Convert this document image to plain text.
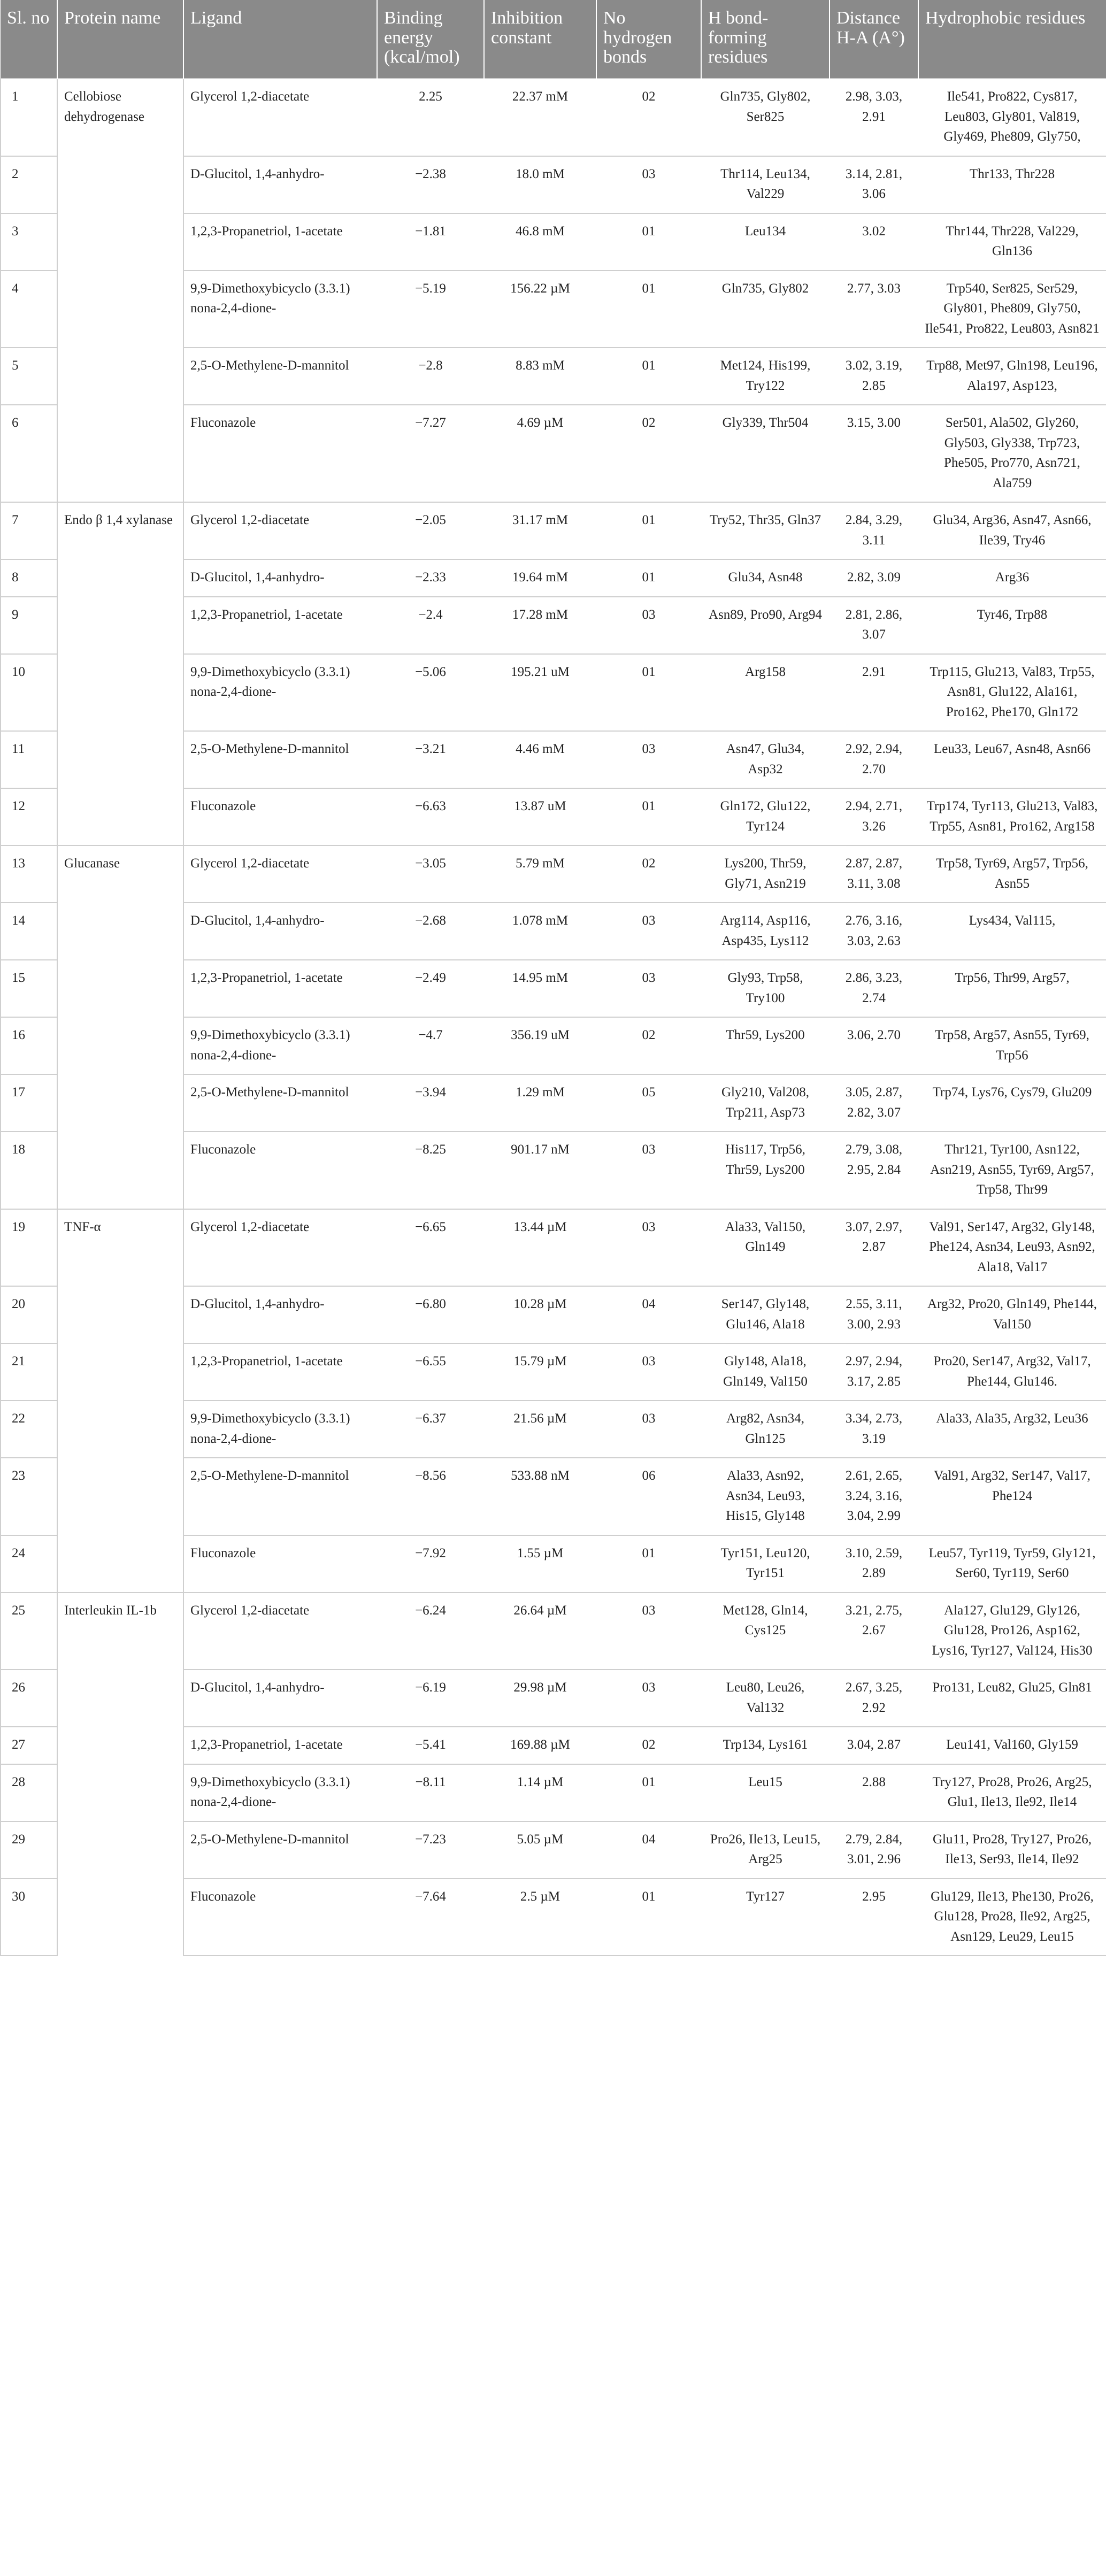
Sl. no	Protein name	Ligand	Binding energy (kcal/mol)	Inhibition constant	No hydrogen bonds	H bond-forming residues	Distance H-A (A°)	Hydrophobic residues
1	Cellobiose dehydrogenase	Glycerol 1,2-diacetate	2.25	22.37 mM	02	Gln735, Gly802, Ser825	2.98, 3.03, 2.91	Ile541, Pro822, Cys817, Leu803, Gly801, Val819, Gly469, Phe809, Gly750,
2		D-Glucitol, 1,4-anhydro-	−2.38	18.0 mM	03	Thr114, Leu134, Val229	3.14, 2.81, 3.06	Thr133, Thr228
3		1,2,3-Propanetriol, 1-acetate	−1.81	46.8 mM	01	Leu134	3.02	Thr144, Thr228, Val229, Gln136
4		9,9-Dimethoxybicyclo (3.3.1) nona-2,4-dione-	−5.19	156.22 µM	01	Gln735, Gly802	2.77, 3.03	Trp540, Ser825, Ser529, Gly801, Phe809, Gly750, Ile541, Pro822, Leu803, Asn821
5		2,5-O-Methylene-D-mannitol	−2.8	8.83 mM	01	Met124, His199, Try122	3.02, 3.19, 2.85	Trp88, Met97, Gln198, Leu196, Ala197, Asp123,
6		Fluconazole	−7.27	4.69 µM	02	Gly339, Thr504	3.15, 3.00	Ser501, Ala502, Gly260, Gly503, Gly338, Trp723, Phe505, Pro770, Asn721, Ala759
7	Endo β 1,4 xylanase	Glycerol 1,2-diacetate	−2.05	31.17 mM	01	Try52, Thr35, Gln37	2.84, 3.29, 3.11	Glu34, Arg36, Asn47, Asn66, Ile39, Try46
8		D-Glucitol, 1,4-anhydro-	−2.33	19.64 mM	01	Glu34, Asn48	2.82, 3.09	Arg36
9		1,2,3-Propanetriol, 1-acetate	−2.4	17.28 mM	03	Asn89, Pro90, Arg94	2.81, 2.86, 3.07	Tyr46, Trp88
10		9,9-Dimethoxybicyclo (3.3.1) nona-2,4-dione-	−5.06	195.21 uM	01	Arg158	2.91	Trp115, Glu213, Val83, Trp55, Asn81, Glu122, Ala161, Pro162, Phe170, Gln172
11		2,5-O-Methylene-D-mannitol	−3.21	4.46 mM	03	Asn47, Glu34, Asp32	2.92, 2.94, 2.70	Leu33, Leu67, Asn48, Asn66
12		Fluconazole	−6.63	13.87 uM	01	Gln172, Glu122, Tyr124	2.94, 2.71, 3.26	Trp174, Tyr113, Glu213, Val83, Trp55, Asn81, Pro162, Arg158
13	Glucanase	Glycerol 1,2-diacetate	−3.05	5.79 mM	02	Lys200, Thr59, Gly71, Asn219	2.87, 2.87, 3.11, 3.08	Trp58, Tyr69, Arg57, Trp56, Asn55
14		D-Glucitol, 1,4-anhydro-	−2.68	1.078 mM	03	Arg114, Asp116, Asp435, Lys112	2.76, 3.16, 3.03, 2.63	Lys434, Val115,
15		1,2,3-Propanetriol, 1-acetate	−2.49	14.95 mM	03	Gly93, Trp58, Try100	2.86, 3.23, 2.74	Trp56, Thr99, Arg57,
16		9,9-Dimethoxybicyclo (3.3.1) nona-2,4-dione-	−4.7	356.19 uM	02	Thr59, Lys200	3.06, 2.70	Trp58, Arg57, Asn55, Tyr69, Trp56
17		2,5-O-Methylene-D-mannitol	−3.94	1.29 mM	05	Gly210, Val208, Trp211, Asp73	3.05, 2.87, 2.82, 3.07	Trp74, Lys76, Cys79, Glu209
18		Fluconazole	−8.25	901.17 nM	03	His117, Trp56, Thr59, Lys200	2.79, 3.08, 2.95, 2.84	Thr121, Tyr100, Asn122, Asn219, Asn55, Tyr69, Arg57, Trp58, Thr99
19	TNF-α	Glycerol 1,2-diacetate	−6.65	13.44 µM	03	Ala33, Val150, Gln149	3.07, 2.97, 2.87	Val91, Ser147, Arg32, Gly148, Phe124, Asn34, Leu93, Asn92, Ala18, Val17
20		D-Glucitol, 1,4-anhydro-	−6.80	10.28 µM	04	Ser147, Gly148, Glu146, Ala18	2.55, 3.11, 3.00, 2.93	Arg32, Pro20, Gln149, Phe144, Val150
21		1,2,3-Propanetriol, 1-acetate	−6.55	15.79 µM	03	Gly148, Ala18, Gln149, Val150	2.97, 2.94, 3.17, 2.85	Pro20, Ser147, Arg32, Val17, Phe144, Glu146.
22		9,9-Dimethoxybicyclo (3.3.1) nona-2,4-dione-	−6.37	21.56 µM	03	Arg82, Asn34, Gln125	3.34, 2.73, 3.19	Ala33, Ala35, Arg32, Leu36
23		2,5-O-Methylene-D-mannitol	−8.56	533.88 nM	06	Ala33, Asn92, Asn34, Leu93, His15, Gly148	2.61, 2.65, 3.24, 3.16, 3.04, 2.99	Val91, Arg32, Ser147, Val17, Phe124
24		Fluconazole	−7.92	1.55 µM	01	Tyr151, Leu120, Tyr151	3.10, 2.59, 2.89	Leu57, Tyr119, Tyr59, Gly121, Ser60, Tyr119, Ser60
25	Interleukin IL-1b	Glycerol 1,2-diacetate	−6.24	26.64 µM	03	Met128, Gln14, Cys125	3.21, 2.75, 2.67	Ala127, Glu129, Gly126, Glu128, Pro126, Asp162, Lys16, Tyr127, Val124, His30
26		D-Glucitol, 1,4-anhydro-	−6.19	29.98 µM	03	Leu80, Leu26, Val132	2.67, 3.25, 2.92	Pro131, Leu82, Glu25, Gln81
27		1,2,3-Propanetriol, 1-acetate	−5.41	169.88 µM	02	Trp134, Lys161	3.04, 2.87	Leu141, Val160, Gly159
28		9,9-Dimethoxybicyclo (3.3.1) nona-2,4-dione-	−8.11	1.14 µM	01	Leu15	2.88	Try127, Pro28, Pro26, Arg25, Glu1, Ile13, Ile92, Ile14
29		2,5-O-Methylene-D-mannitol	−7.23	5.05 µM	04	Pro26, Ile13, Leu15, Arg25	2.79, 2.84, 3.01, 2.96	Glu11, Pro28, Try127, Pro26, Ile13, Ser93, Ile14, Ile92
30		Fluconazole	−7.64	2.5 µM	01	Tyr127	2.95	Glu129, Ile13, Phe130, Pro26, Glu128, Pro28, Ile92, Arg25, Asn129, Leu29, Leu15
